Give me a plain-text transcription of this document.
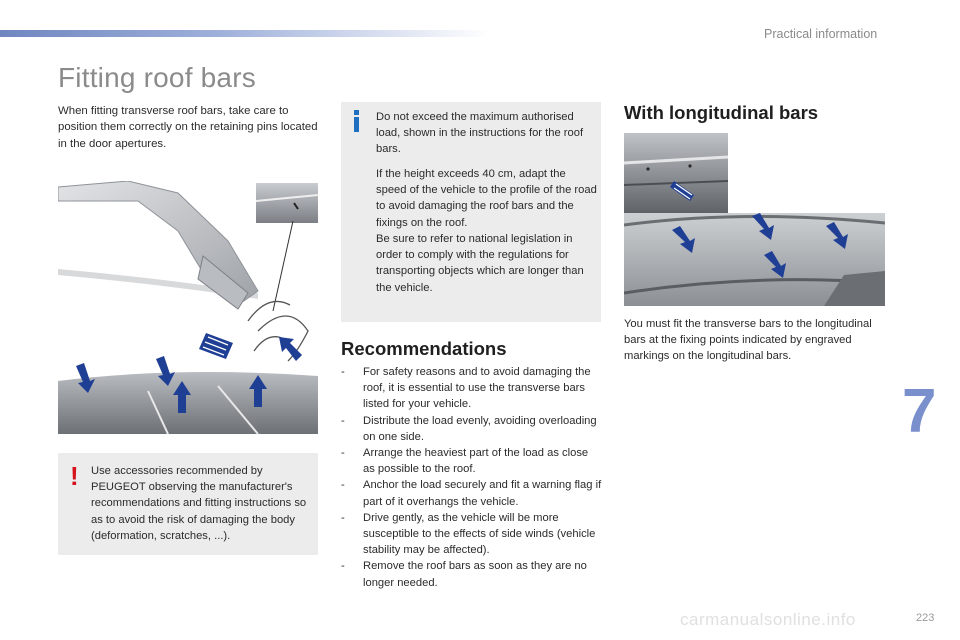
Practical information
Fitting roof bars

When fitting transverse roof bars, take care to position them correctly on the retaining pins located in the door apertures.

! Use accessories recommended by PEUGEOT observing the manufacturer's recommendations and fitting instructions so as to avoid the risk of damaging the body (deformation, scratches, ...).

Do not exceed the maximum authorised load, shown in the instructions for the roof bars.

If the height exceeds 40 cm, adapt the speed of the vehicle to the profile of the road to avoid damaging the roof bars and the fixings on the roof.

Be sure to refer to national legislation in order to comply with the regulations for transporting objects which are longer than the vehicle.

Recommendations
- For safety reasons and to avoid damaging the roof, it is essential to use the transverse bars listed for your vehicle.
- Distribute the load evenly, avoiding overloading on one side.
- Arrange the heaviest part of the load as close as possible to the roof.
- Anchor the load securely and fit a warning flag if part of it overhangs the vehicle.
- Drive gently, as the vehicle will be more susceptible to the effects of side winds (vehicle stability may be affected).
- Remove the roof bars as soon as they are no longer needed.
With longitudinal bars

You must fit the transverse bars to the longitudinal bars at the fixing points indicated by engraved markings on the longitudinal bars.

7
carmanualsonline.info	223
